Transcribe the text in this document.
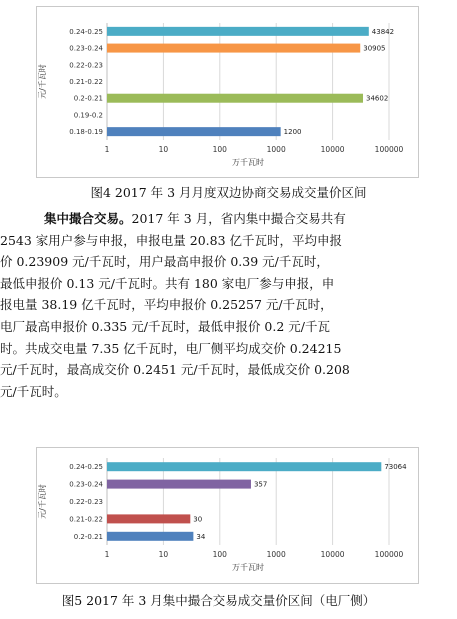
1	10	100	1000	10000	100000
0.24-0.25	43842
0.23-0.24	30905
0.22-0.23
0.21-0.22
0.2-0.21	34602
0.19-0.2
0.18-0.19	1200
万千瓦时
元/千瓦时
图4 2017 年 3 月月度双边协商交易成交量价区间
集中撮合交易。2017 年 3 月，省内集中撮合交易共有
2543 家用户参与申报，申报电量 20.83 亿千瓦时，平均申报
价 0.23909 元/千瓦时，用户最高申报价 0.39 元/千瓦时，
最低申报价 0.13 元/千瓦时。共有 180 家电厂参与申报，申
报电量 38.19 亿千瓦时，平均申报价 0.25257 元/千瓦时，
电厂最高申报价 0.335 元/千瓦时，最低申报价 0.2 元/千瓦
时。共成交电量 7.35 亿千瓦时，电厂侧平均成交价 0.24215
元/千瓦时，最高成交价 0.2451 元/千瓦时，最低成交价 0.208
元/千瓦时。
1	10	100	1000	10000	100000
0.24-0.25	73064
0.23-0.24	357
0.22-0.23
0.21-0.22	30
0.2-0.21	34
万千瓦时
元/千瓦时
图5 2017 年 3 月集中撮合交易成交量价区间（电厂侧）
